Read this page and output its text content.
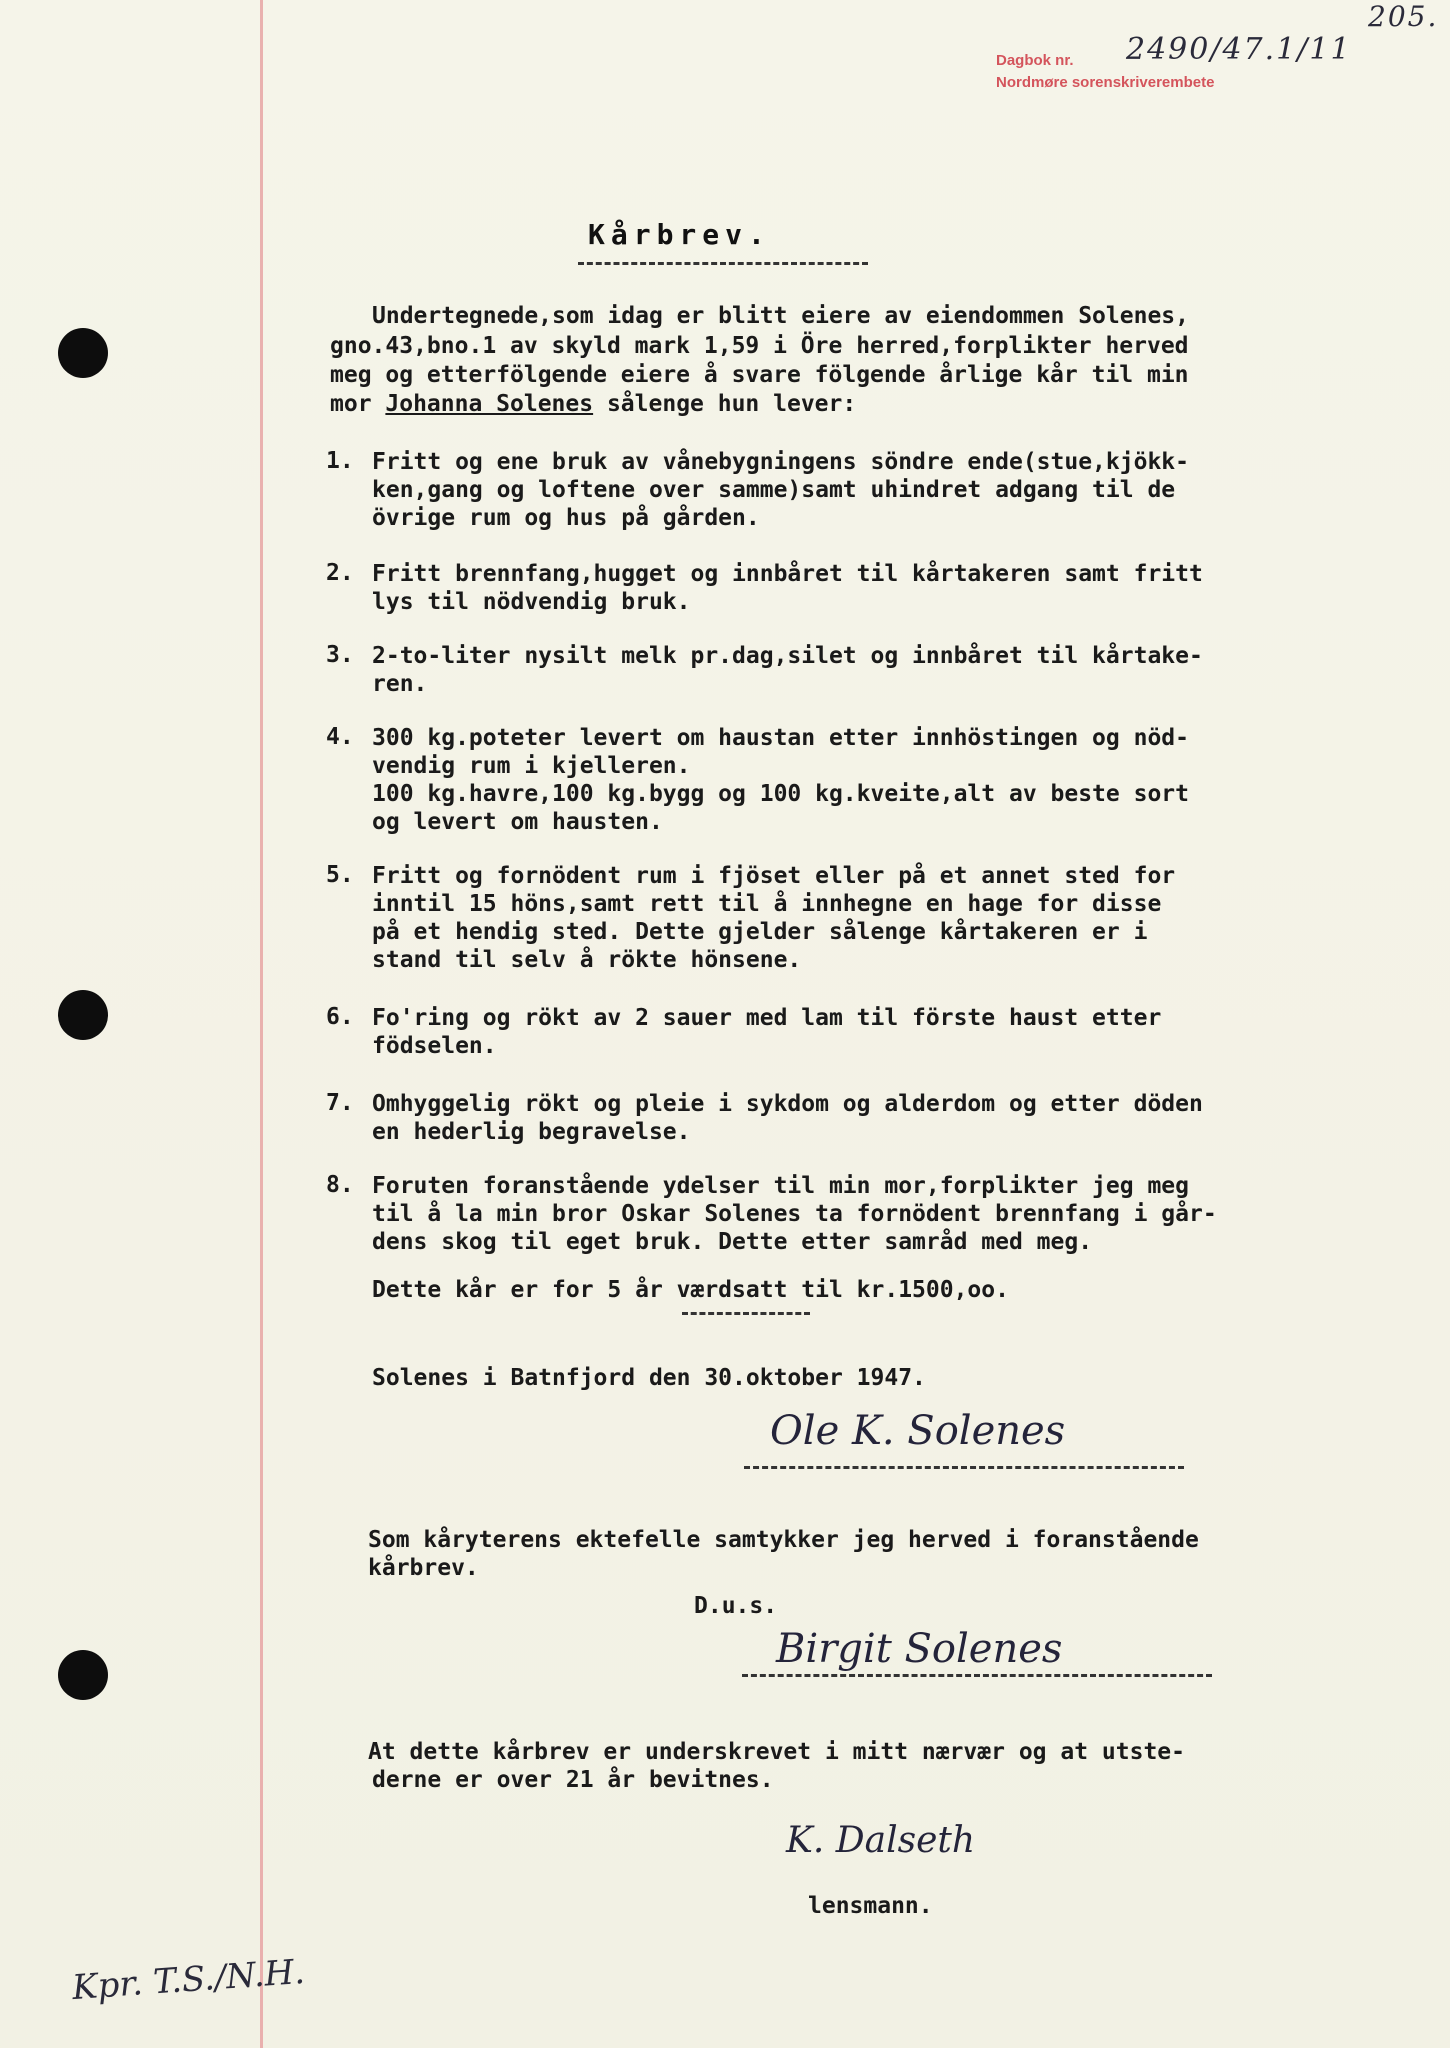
Dagbok nr.
Nordmøre sorenskriverembete
2490/47.1/11
205.
Kårbrev.
Undertegnede,som idag er blitt eiere av eiendommen Solenes,
gno.43,bno.1 av skyld mark 1,59 i Öre herred,forplikter herved
meg og etterfölgende eiere å svare fölgende årlige kår til min
mor Johanna Solenes sålenge hun lever:
1. Fritt og ene bruk av vånebygningens söndre ende(stue,kjökk-
ken,gang og loftene over samme)samt uhindret adgang til de
övrige rum og hus på gården.
2. Fritt brennfang,hugget og innbåret til kårtakeren samt fritt
lys til nödvendig bruk.
3. 2-to-liter nysilt melk pr.dag,silet og innbåret til kårtake-
ren.
4. 300 kg.poteter levert om haustan etter innhöstingen og nöd-
vendig rum i kjelleren.
100 kg.havre,100 kg.bygg og 100 kg.kveite,alt av beste sort
og levert om hausten.
5. Fritt og fornödent rum i fjöset eller på et annet sted for
inntil 15 höns,samt rett til å innhegne en hage for disse
på et hendig sted. Dette gjelder sålenge kårtakeren er i
stand til selv å rökte hönsene.
6. Fo'ring og rökt av 2 sauer med lam til förste haust etter
födselen.
7. Omhyggelig rökt og pleie i sykdom og alderdom og etter döden
en hederlig begravelse.
8. Foruten foranstående ydelser til min mor,forplikter jeg meg
til å la min bror Oskar Solenes ta fornödent brennfang i går-
dens skog til eget bruk. Dette etter samråd med meg.
Dette kår er for 5 år værdsatt til kr.1500,oo.
Solenes i Batnfjord den 30.oktober 1947.
Ole K. Solenes
Som kåryterens ektefelle samtykker jeg herved i foranstående
kårbrev.
D.u.s.
Birgit Solenes
At dette kårbrev er underskrevet i mitt nærvær og at utste-
derne er over 21 år bevitnes.
K. Dalseth
lensmann.
Kpr. T.S./N.H.
